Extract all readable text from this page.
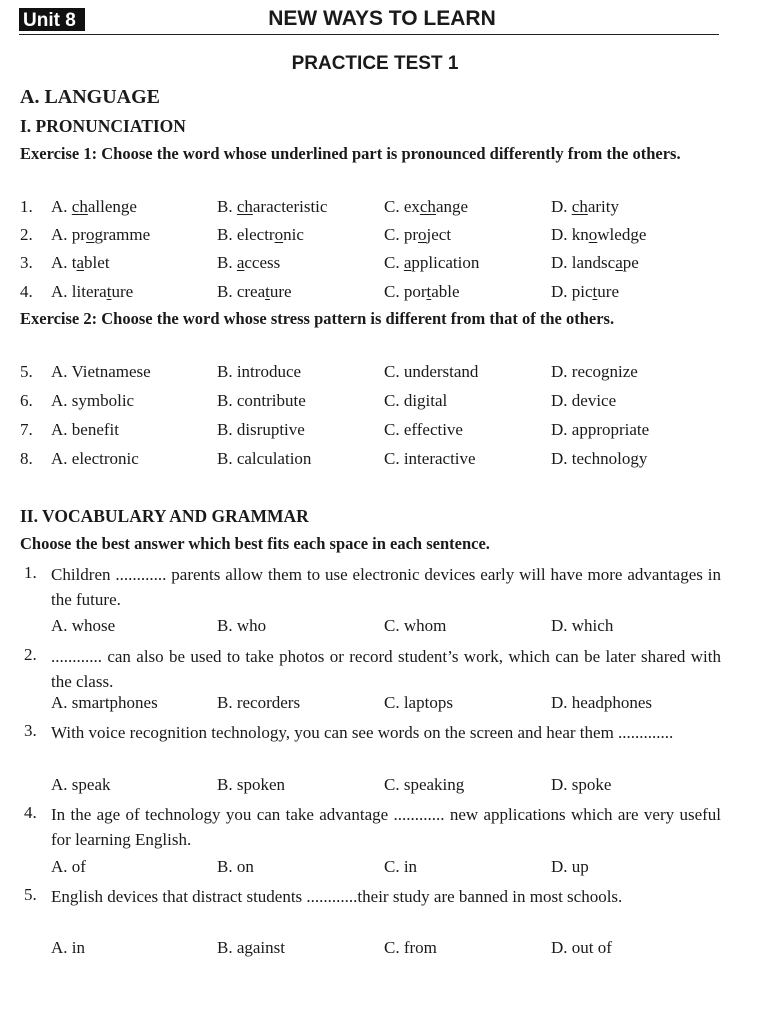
Unit 8	NEW WAYS TO LEARN
PRACTICE TEST 1
A. LANGUAGE
I. PRONUNCIATION
Exercise 1: Choose the word whose underlined part is pronounced differently from the others.
1. A. challenge	B. characteristic	C. exchange	D. charity
2. A. programme	B. electronic	C. project	D. knowledge
3. A. tablet	B. access	C. application	D. landscape
4. A. literature	B. creature	C. portable	D. picture
Exercise 2: Choose the word whose stress pattern is different from that of the others.
5. A. Vietnamese	B. introduce	C. understand	D. recognize
6. A. symbolic	B. contribute	C. digital	D. device
7. A. benefit	B. disruptive	C. effective	D. appropriate
8. A. electronic	B. calculation	C. interactive	D. technology
II. VOCABULARY AND GRAMMAR
Choose the best answer which best fits each space in each sentence.
1. Children ............ parents allow them to use electronic devices early will have more advantages in the future.
A. whose	B. who	C. whom	D. which
2. ............ can also be used to take photos or record student’s work, which can be later shared with the class.
A. smartphones	B. recorders	C. laptops	D. headphones
3. With voice recognition technology, you can see words on the screen and hear them .............
A. speak	B. spoken	C. speaking	D. spoke
4. In the age of technology you can take advantage ............ new applications which are very useful for learning English.
A. of	B. on	C. in	D. up
5. English devices that distract students ............their study are banned in most schools.
A. in	B. against	C. from	D. out of
